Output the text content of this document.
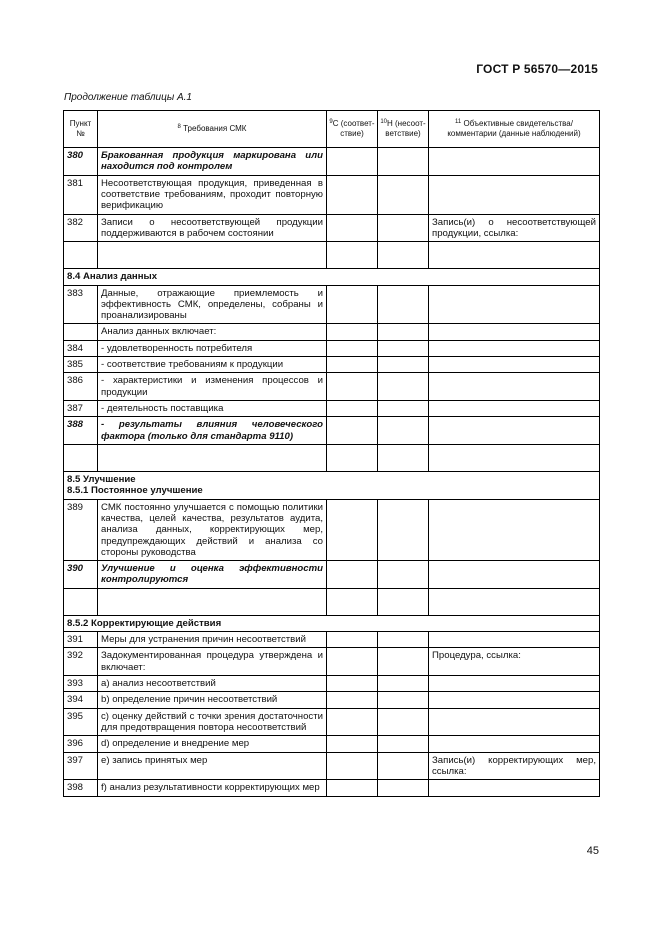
ГОСТ Р 56570—2015
Продолжение таблицы А.1
Пункт №	$^8$ Требования СМК	$^9$С (соответ-ствие)	$^{10}$Н (несоот-ветствие)	$^{11}$ Объективные свидетельства/ комментарии (данные наблюдений)
380	Бракованная продукция маркирована или находится под контролем			
381	Несоответствующая продукция, приведенная в соответствие требованиям, проходит повторную верификацию			
382	Записи о несоответствующей продукции поддерживаются в рабочем состоянии			Запись(и) о несоответствующей продукции, ссылка:

8.4 Анализ данных				
383	Данные, отражающие приемлемость и эффективность СМК, определены, собраны и проанализированы			
	Анализ данных включает:			
384	- удовлетворенность потребителя			
385	- соответствие требованиям к продукции			
386	- характеристики и изменения процессов и продукции			
387	- деятельность поставщика			
388	- результаты влияния человеческого фактора (только для стандарта 9110)			

8.5 Улучшение
8.5.1 Постоянное улучшение				

389	СМК постоянно улучшается с помощью политики качества, целей качества, результатов аудита, анализа данных, корректирующих мер, предупреждающих действий и анализа со стороны руководства			
390	Улучшение и оценка эффективности контролируются			

8.5.2 Корректирующие действия				
391	Меры для устранения причин несоответствий			
392	Задокументированная процедура утверждена и включает:			Процедура, ссылка:
393	a) анализ несоответствий			
394	b) определение причин несоответствий			
395	c) оценку действий с точки зрения достаточности для предотвращения повтора несоответствий			
396	d) определение и внедрение мер			
397	e) запись принятых мер			Запись(и) корректирующих мер, ссылка:
398	f) анализ результативности корректирующих мер			
45
